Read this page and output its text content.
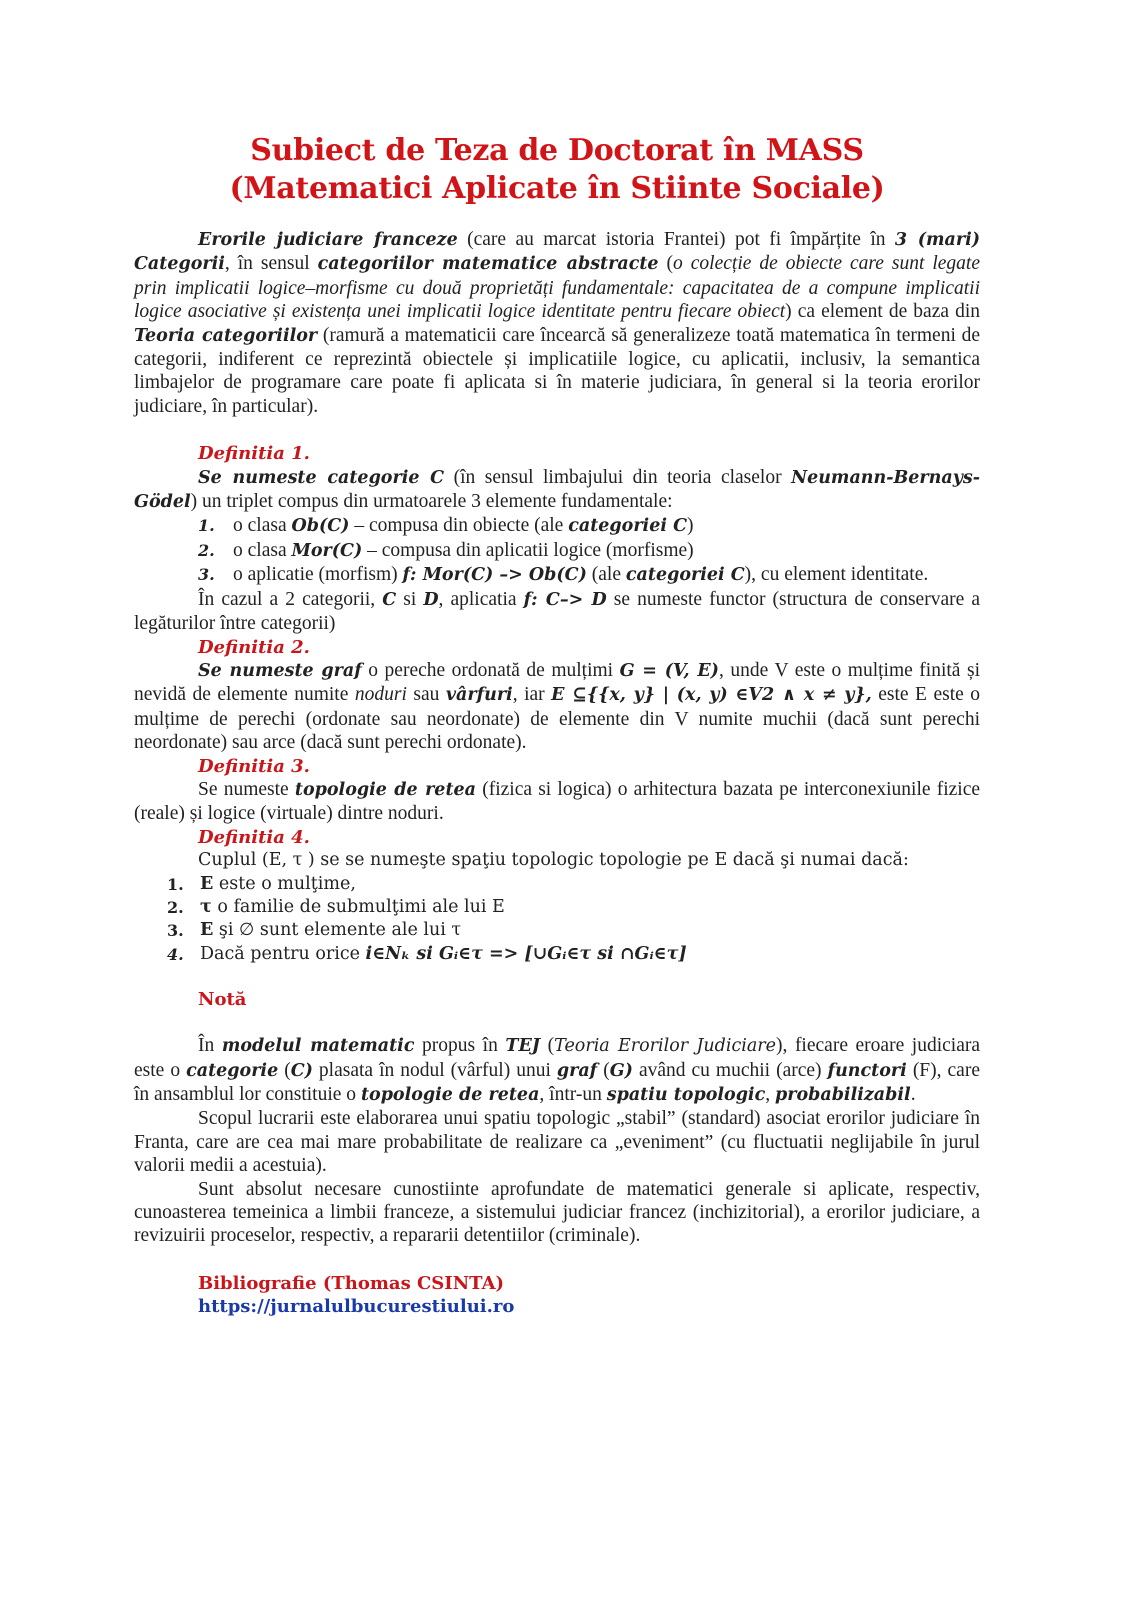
Subiect de Teza de Doctorat în MASS
(Matematici Aplicate în Stiinte Sociale)

Erorile judiciare franceze (care au marcat istoria Frantei) pot fi împărțite în 3 (mari) Categorii, în sensul categoriilor matematice abstracte (o colecție de obiecte care sunt legate prin implicatii logice–morfisme cu două proprietăți fundamentale: capacitatea de a compune implicatii logice asociative și existența unei implicatii logice identitate pentru fiecare obiect) ca element de baza din Teoria categoriilor (ramură a matematicii care încearcă să generalizeze toată matematica în termeni de categorii, indiferent ce reprezintă obiectele și implicatiile logice, cu aplicatii, inclusiv, la semantica limbajelor de programare care poate fi aplicata si în materie judiciara, în general si la teoria erorilor judiciare, în particular).

Definitia 1.

Se numeste categorie C (în sensul limbajului din teoria claselor Neumann-Bernays-Gödel) un triplet compus din urmatoarele 3 elemente fundamentale:

1. o clasa Ob(C) – compusa din obiecte (ale categoriei C)
2. o clasa Mor(C) – compusa din aplicatii logice (morfisme)
3. o aplicatie (morfism) f: Mor(C) –> Ob(C) (ale categoriei C), cu element identitate.

În cazul a 2 categorii, C si D, aplicatia f: C–> D se numeste functor (structura de conservare a legăturilor între categorii)

Definitia 2.

Se numeste graf o pereche ordonată de mulțimi G = (V, E), unde V este o mulțime finită și nevidă de elemente numite noduri sau vârfuri, iar E ⊆{{x, y} | (x, y) ∈V2 ∧ x ≠ y}, este E este o mulțime de perechi (ordonate sau neordonate) de elemente din V numite muchii (dacă sunt perechi neordonate) sau arce (dacă sunt perechi ordonate).

Definitia 3.

Se numeste topologie de retea (fizica si logica) o arhitectura bazata pe interconexiunile fizice (reale) și logice (virtuale) dintre noduri.

Definitia 4.

Cuplul (E, τ ) se se numeşte spaţiu topologic topologie pe E dacă şi numai dacă:

1. E este o mulţime,
2. τ o familie de submulţimi ale lui E
3. E şi ∅ sunt elemente ale lui τ
4. Dacă pentru orice i∈Nₖ si Gᵢ∈τ => [∪Gᵢ∈τ si ∩Gᵢ∈τ]
Notă

În modelul matematic propus în TEJ (Teoria Erorilor Judiciare), fiecare eroare judiciara este o categorie (C) plasata în nodul (vârful) unui graf (G) având cu muchii (arce) functori (F), care în ansamblul lor constituie o topologie de retea, într-un spatiu topologic, probabilizabil.

Scopul lucrarii este elaborarea unui spatiu topologic „stabil” (standard) asociat erorilor judiciare în Franta, care are cea mai mare probabilitate de realizare ca „eveniment” (cu fluctuatii neglijabile în jurul valorii medii a acestuia).

Sunt absolut necesare cunostiinte aprofundate de matematici generale si aplicate, respectiv, cunoasterea temeinica a limbii franceze, a sistemului judiciar francez (inchizitorial), a erorilor judiciare, a revizuirii proceselor, respectiv, a repararii detentiilor (criminale).

Bibliografie (Thomas CSINTA)
https://jurnalulbucurestiului.ro
